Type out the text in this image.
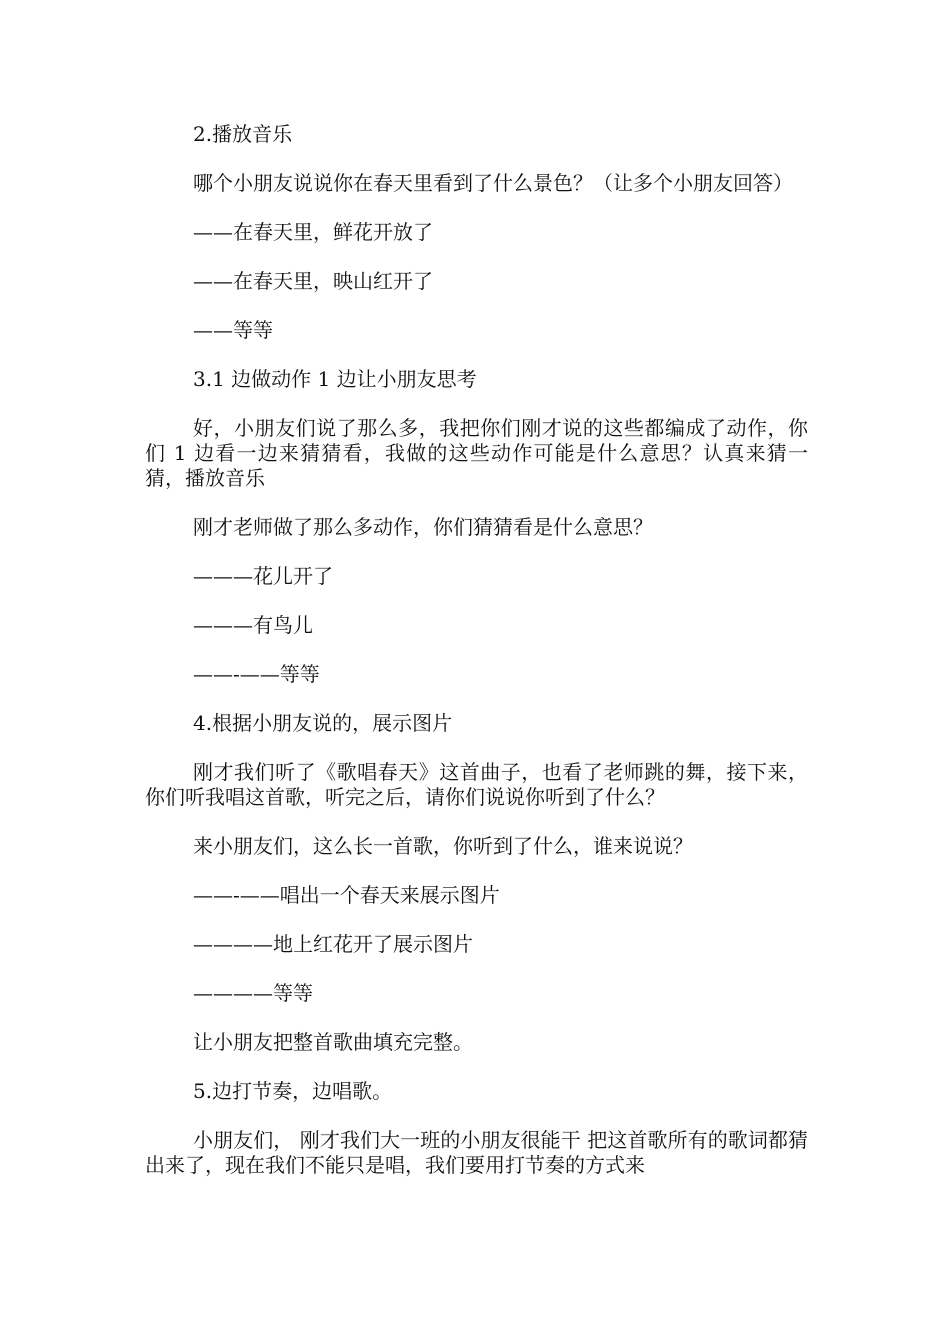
2.播放音乐

哪个小朋友说说你在春天里看到了什么景色？（让多个小朋友回答）

——在春天里，鲜花开放了

——在春天里，映山红开了

——等等

3.1 边做动作 1 边让小朋友思考

好，小朋友们说了那么多，我把你们刚才说的这些都编成了动作，你们 1 边看一边来猜猜看，我做的这些动作可能是什么意思？认真来猜一猜，播放音乐

刚才老师做了那么多动作，你们猜猜看是什么意思？

———花儿开了

———有鸟儿

——-——等等

4.根据小朋友说的，展示图片

刚才我们听了《歌唱春天》这首曲子，也看了老师跳的舞，接下来，你们听我唱这首歌，听完之后，请你们说说你听到了什么？

来小朋友们，这么长一首歌，你听到了什么，谁来说说？

——-——唱出一个春天来展示图片

————地上红花开了展示图片

————等等

让小朋友把整首歌曲填充完整。

5.边打节奏，边唱歌。

小朋友们， 刚才我们大一班的小朋友很能干 把这首歌所有的歌词都猜出来了，现在我们不能只是唱，我们要用打节奏的方式来
